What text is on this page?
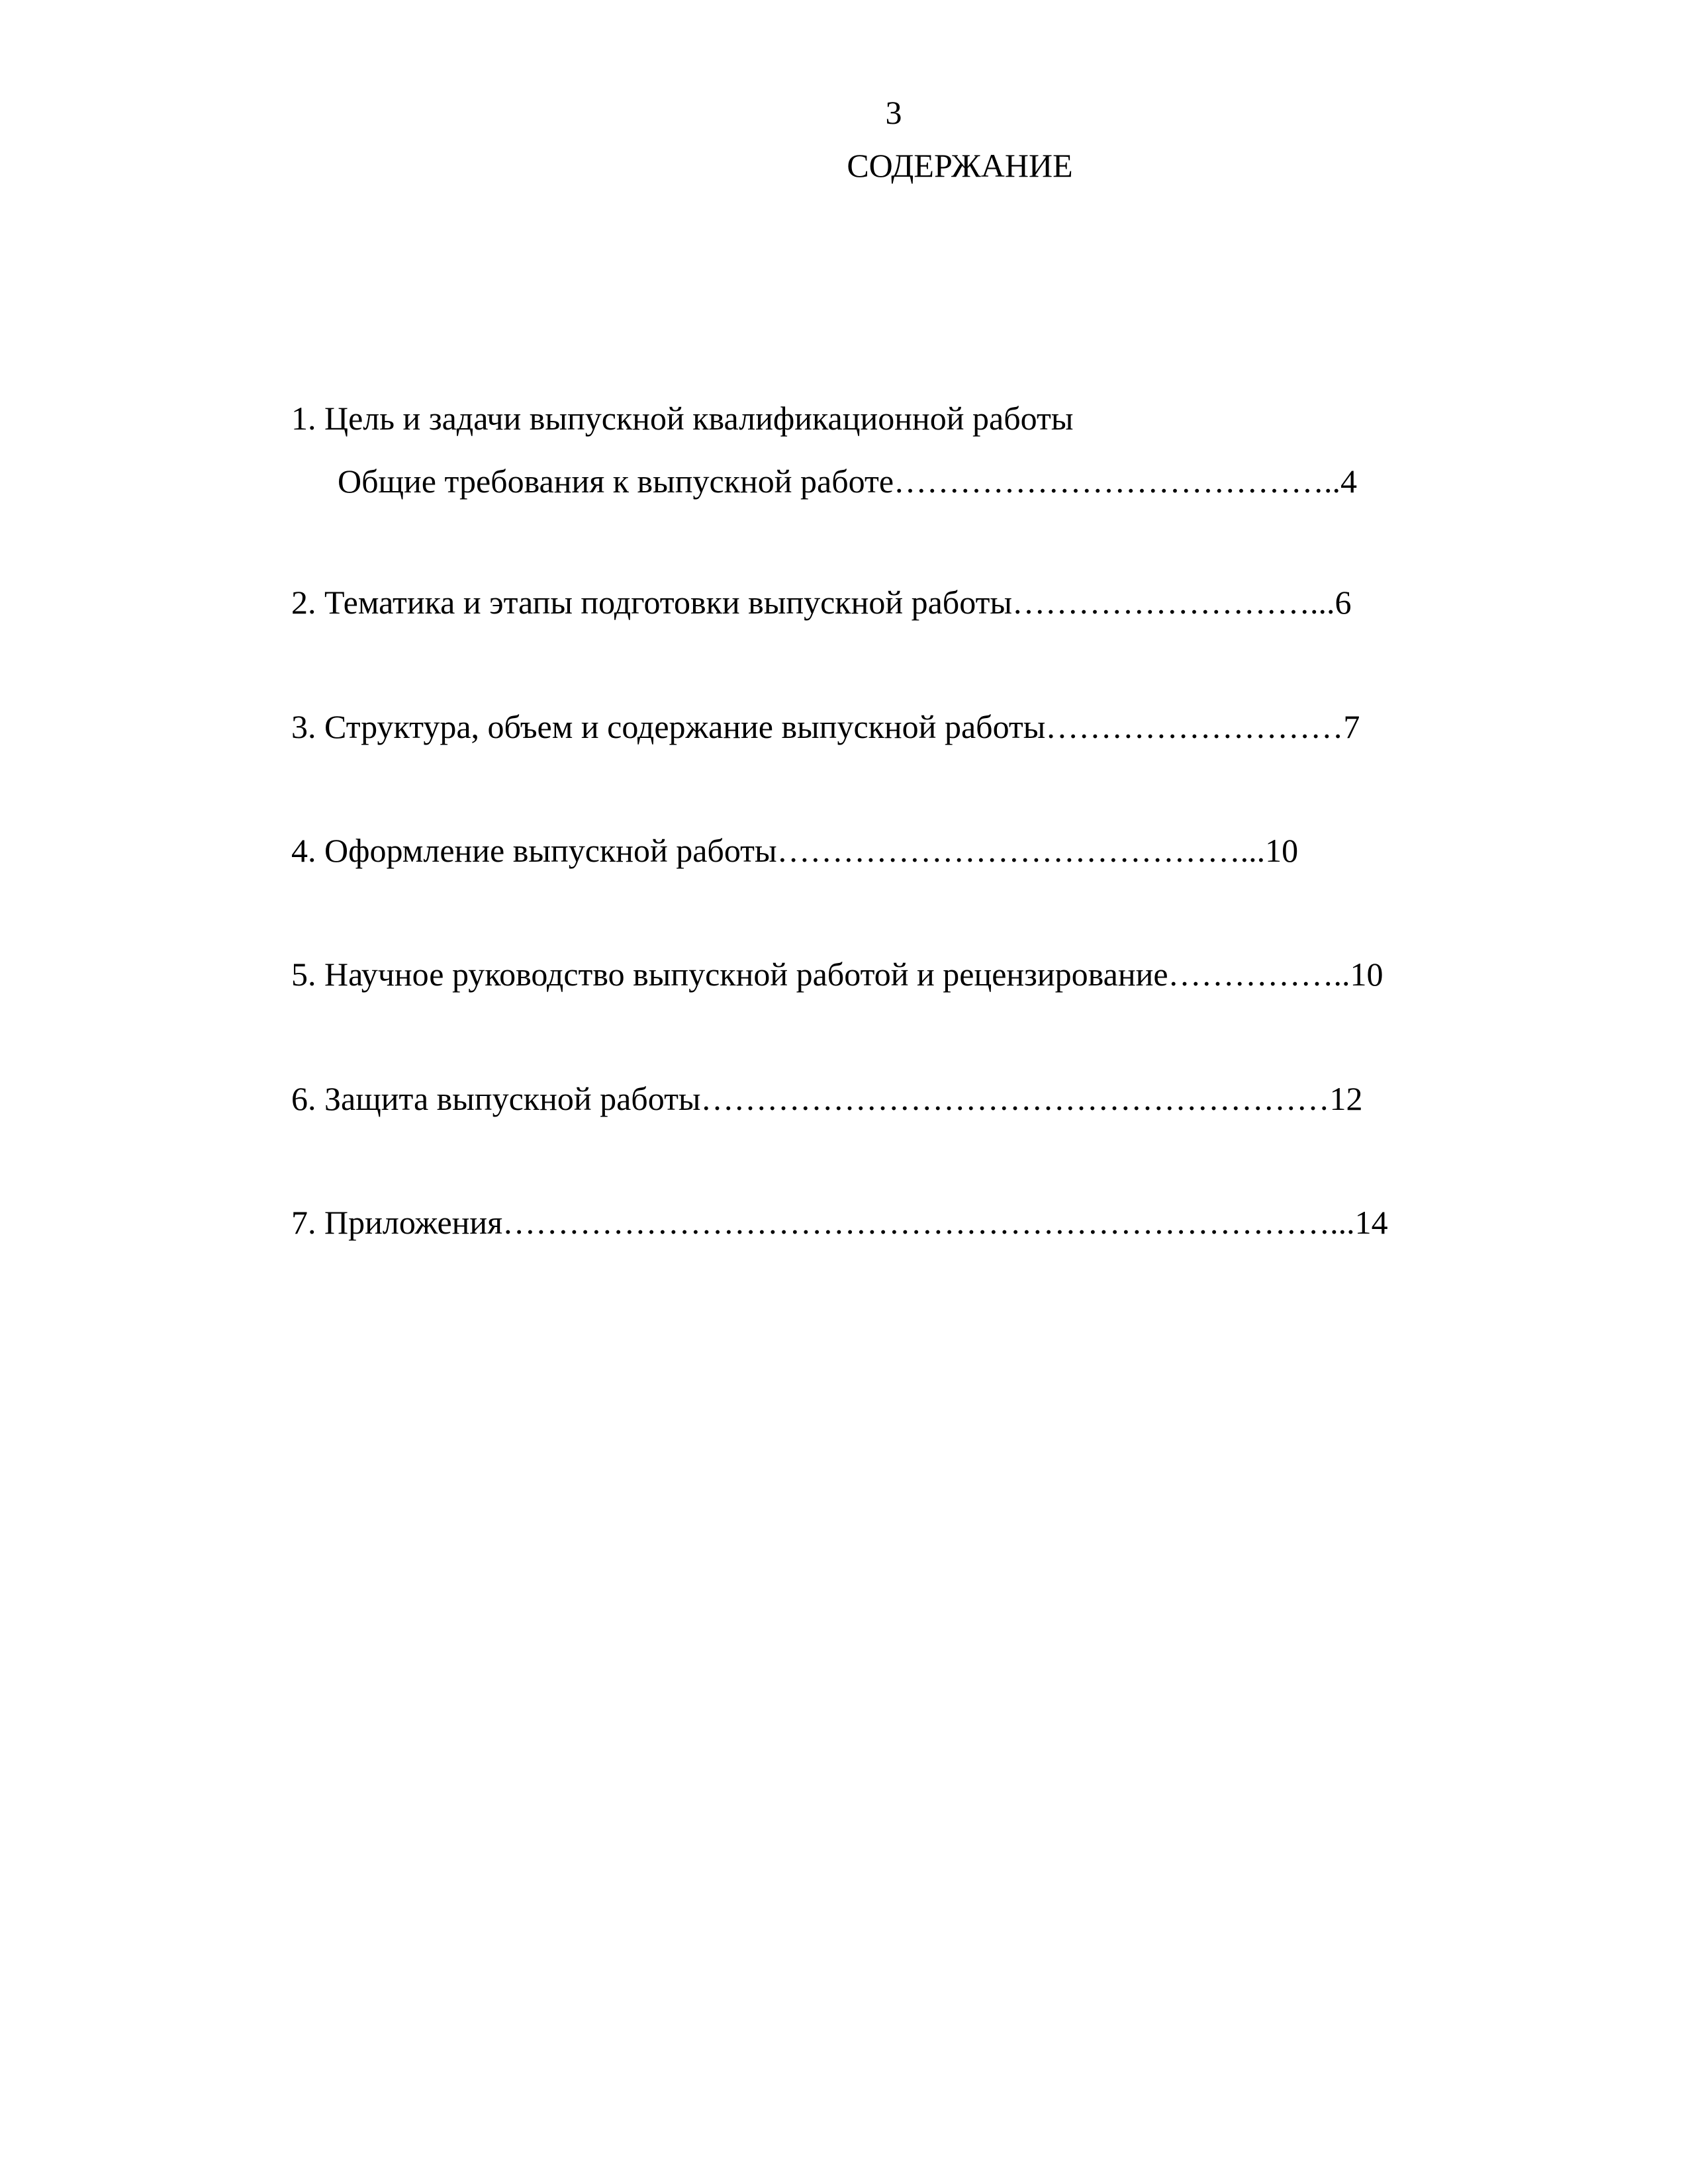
3
СОДЕРЖАНИЕ
1. Цель и задачи выпускной квалификационной работы
Общие требования к выпускной работе…………………………………..4
2. Тематика и этапы подготовки выпускной работы………………………...6
3. Структура, объем и содержание выпускной работы………………………7
4. Оформление выпускной работы……………………………………...10
5. Научное руководство выпускной работой и рецензирование……………..10
6. Защита выпускной работы…………………………………………………12
7. Приложения…………………………………………………………………...14
